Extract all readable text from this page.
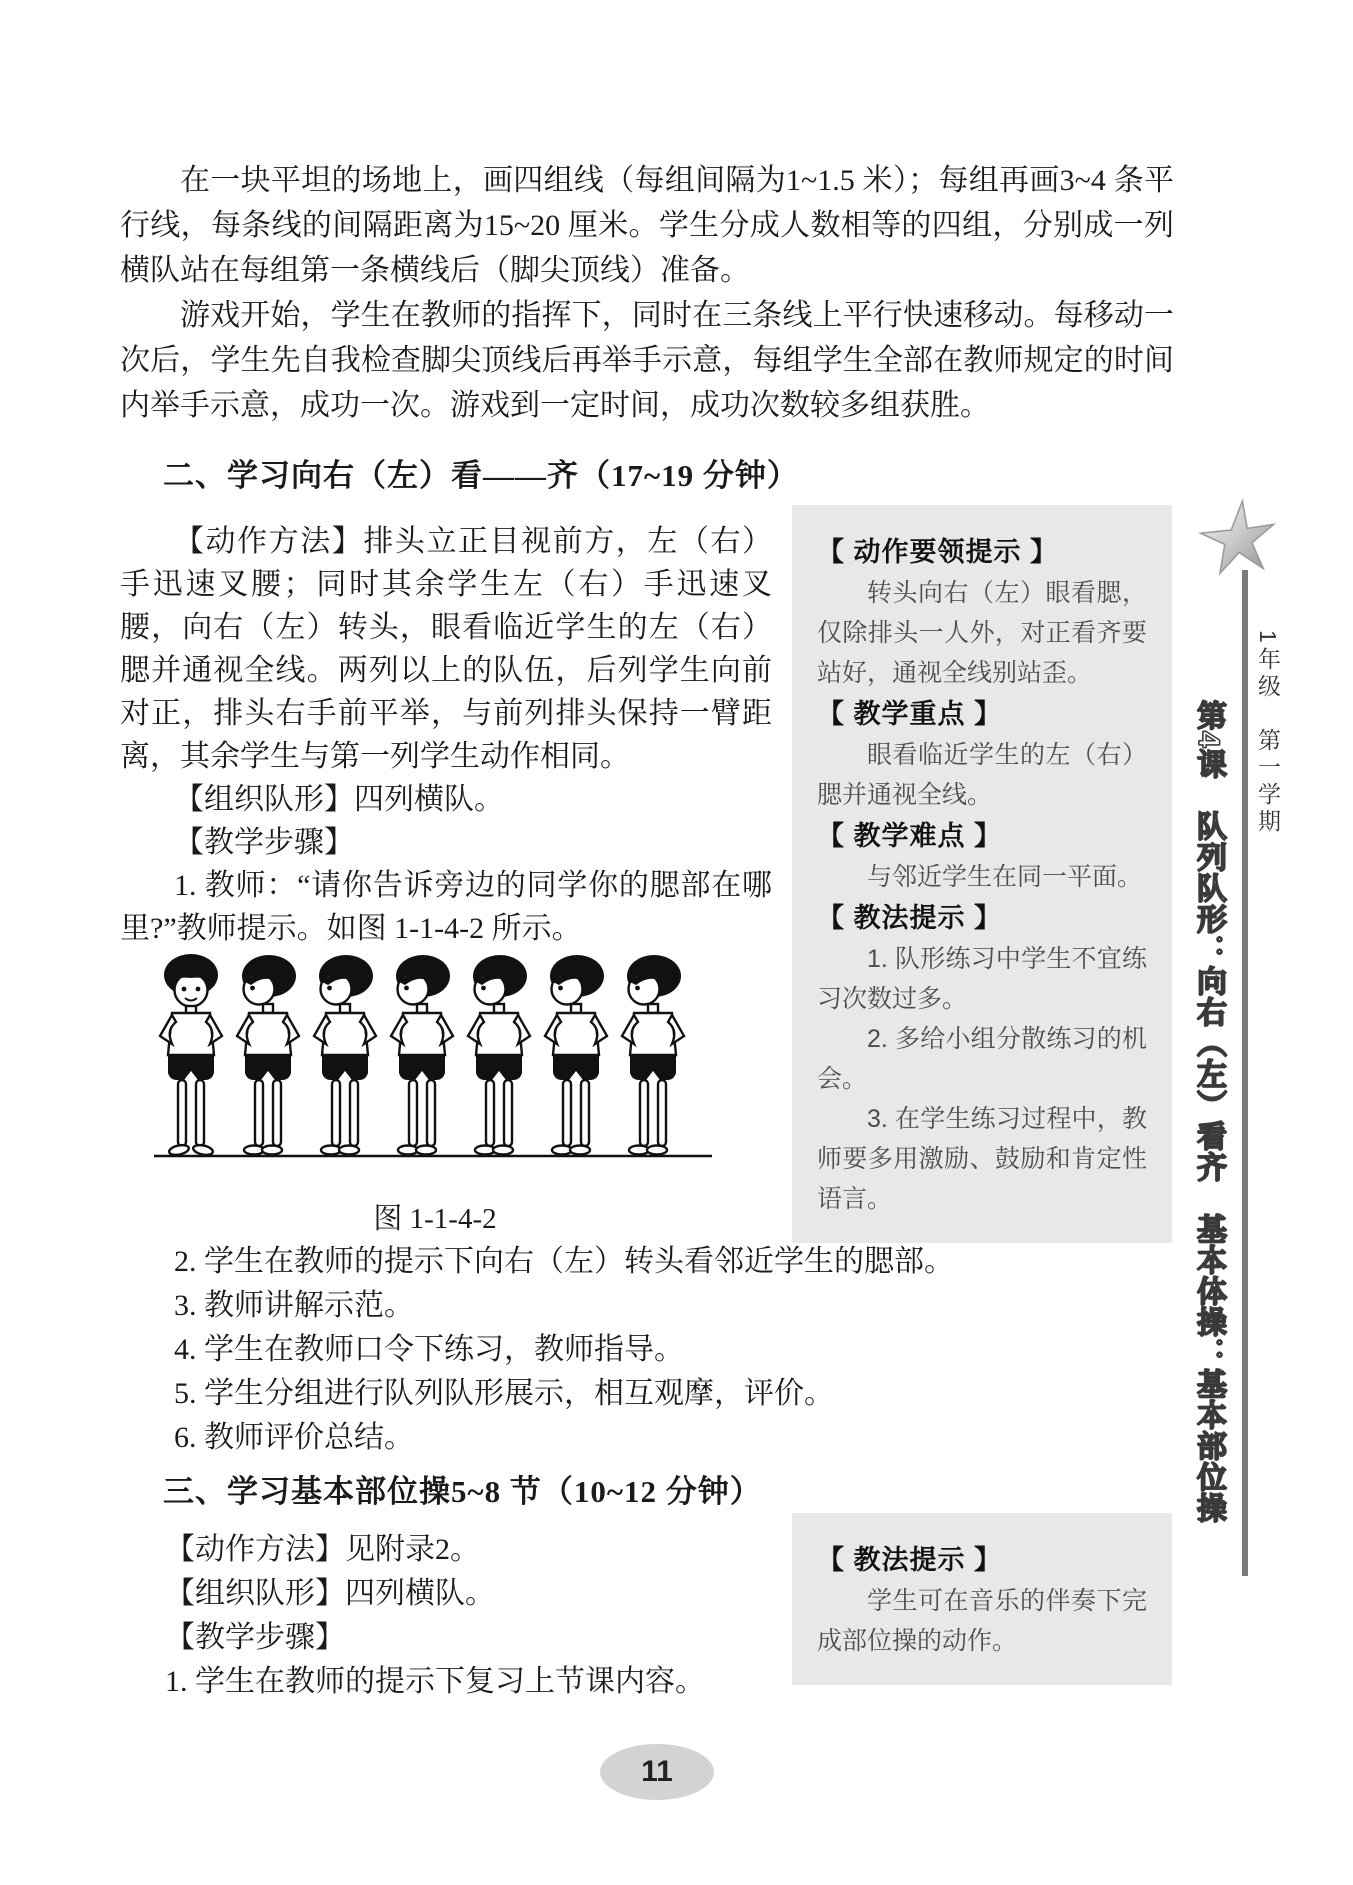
在一块平坦的场地上，画四组线（每组间隔为1~1.5 米）；每组再画3~4 条平行线，每条线的间隔距离为15~20 厘米。学生分成人数相等的四组，分别成一列横队站在每组第一条横线后（脚尖顶线）准备。

游戏开始，学生在教师的指挥下，同时在三条线上平行快速移动。每移动一次后，学生先自我检查脚尖顶线后再举手示意，每组学生全部在教师规定的时间内举手示意，成功一次。游戏到一定时间，成功次数较多组获胜。

二、学习向右（左）看——齐（17~19 分钟）

【动作方法】排头立正目视前方，左（右）手迅速叉腰；同时其余学生左（右）手迅速叉腰，向右（左）转头，眼看临近学生的左（右）腮并通视全线。两列以上的队伍，后列学生向前对正，排头右手前平举，与前列排头保持一臂距离，其余学生与第一列学生动作相同。

【组织队形】四列横队。

【教学步骤】

1. 教师：“请你告诉旁边的同学你的腮部在哪里?”教师提示。如图 1-1-4-2 所示。

图 1-1-4-2

2. 学生在教师的提示下向右（左）转头看邻近学生的腮部。

3. 教师讲解示范。

4. 学生在教师口令下练习，教师指导。

5. 学生分组进行队列队形展示，相互观摩，评价。

6. 教师评价总结。

三、学习基本部位操5~8 节（10~12 分钟）

【动作方法】见附录2。

【组织队形】四列横队。

【教学步骤】

1. 学生在教师的提示下复习上节课内容。

【 动作要领提示 】

转头向右（左）眼看腮，仅除排头一人外，对正看齐要站好，通视全线别站歪。

【 教学重点 】

眼看临近学生的左（右）腮并通视全线。

【 教学难点 】

与邻近学生在同一平面。

【 教法提示 】

1. 队形练习中学生不宜练习次数过多。

2. 多给小组分散练习的机会。

3. 在学生练习过程中，教师要多用激励、鼓励和肯定性语言。

【 教法提示 】

学生可在音乐的伴奏下完成部位操的动作。

1年级　第一学期
第4课　队列队形：向右（左）看齐　基本体操：基本部位操
11
